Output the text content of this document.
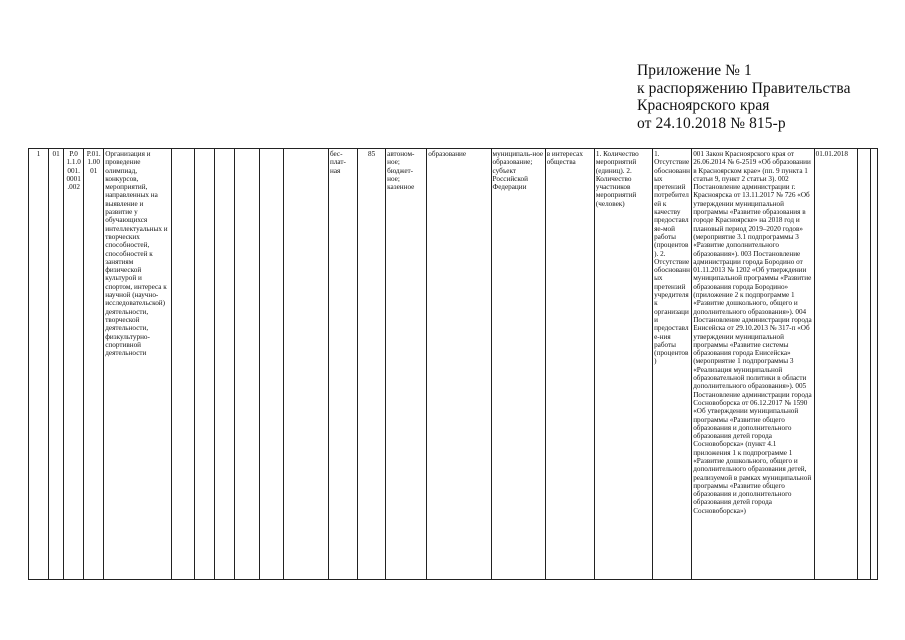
Приложение № 1
к распоряжению Правительства
Красноярского края
от 24.10.2018 № 815-р
1	01	Р.0 1.1.0 001. 0001 .002	Р.01. 1.00 01	Организация и проведение олимпиад, конкурсов, мероприятий, направленных на выявление и развитие у обучающихся интеллектуальных и творческих способностей, способностей к занятиям физической культурой и спортом, интереса к научной (научно-исследовательской) деятельности, творческой деятельности, физкультурно-спортивной деятельности							бес-плат-ная	85	автоном-ное; бюджет-ное; казенное	образование	муниципаль-ное образование; субъект Российской Федерации	в интересах общества	1. Количество мероприятий (единиц). 2. Количество участников мероприятий (человек)	1. Отсутствие обоснованных претензий потребителей к качеству предоставляе-мой работы (процентов). 2. Отсутствие обоснованных претензий учредителя к организации предоставле-ния работы (процентов)	001 Закон Красноярского края от 26.06.2014 № 6-2519 «Об образовании в Красноярском крае» (пп. 9 пункта 1 статьи 9, пункт 2 статьи 3). 002 Постановление администрации г. Красноярска от 13.11.2017 № 726 «Об утверждении муниципальной программы «Развитие образования в городе Красноярске» на 2018 год и плановый период 2019–2020 годов» (мероприятие 3.1 подпрограммы 3 «Развитие дополнительного образования»). 003 Постановление администрации города Бородино от 01.11.2013 № 1202 «Об утверждении муниципальной программы «Развитие образования города Бородино» (приложение 2 к подпрограмме 1 «Развитие дошкольного, общего и дополнительного образования»). 004 Постановление администрации города Енисейска от 29.10.2013 № 317-п «Об утверждении муниципальной программы «Развитие системы образования города Енисейска» (мероприятие 1 подпрограммы 3 «Реализация муниципальной образовательной политики в области дополнительного образования»). 005 Постановление администрации города Сосновоборска от 06.12.2017 № 1590 «Об утверждении муниципальной программы «Развитие общего образования и дополнительного образования детей города Сосновоборска» (пункт 4.1 приложения 1 к подпрограмме 1 «Развитие дошкольного, общего и дополнительного образования детей, реализуемой в рамках муниципальной программы «Развитие общего образования и дополнительного образования детей города Сосновоборска»)	01.01.2018		
